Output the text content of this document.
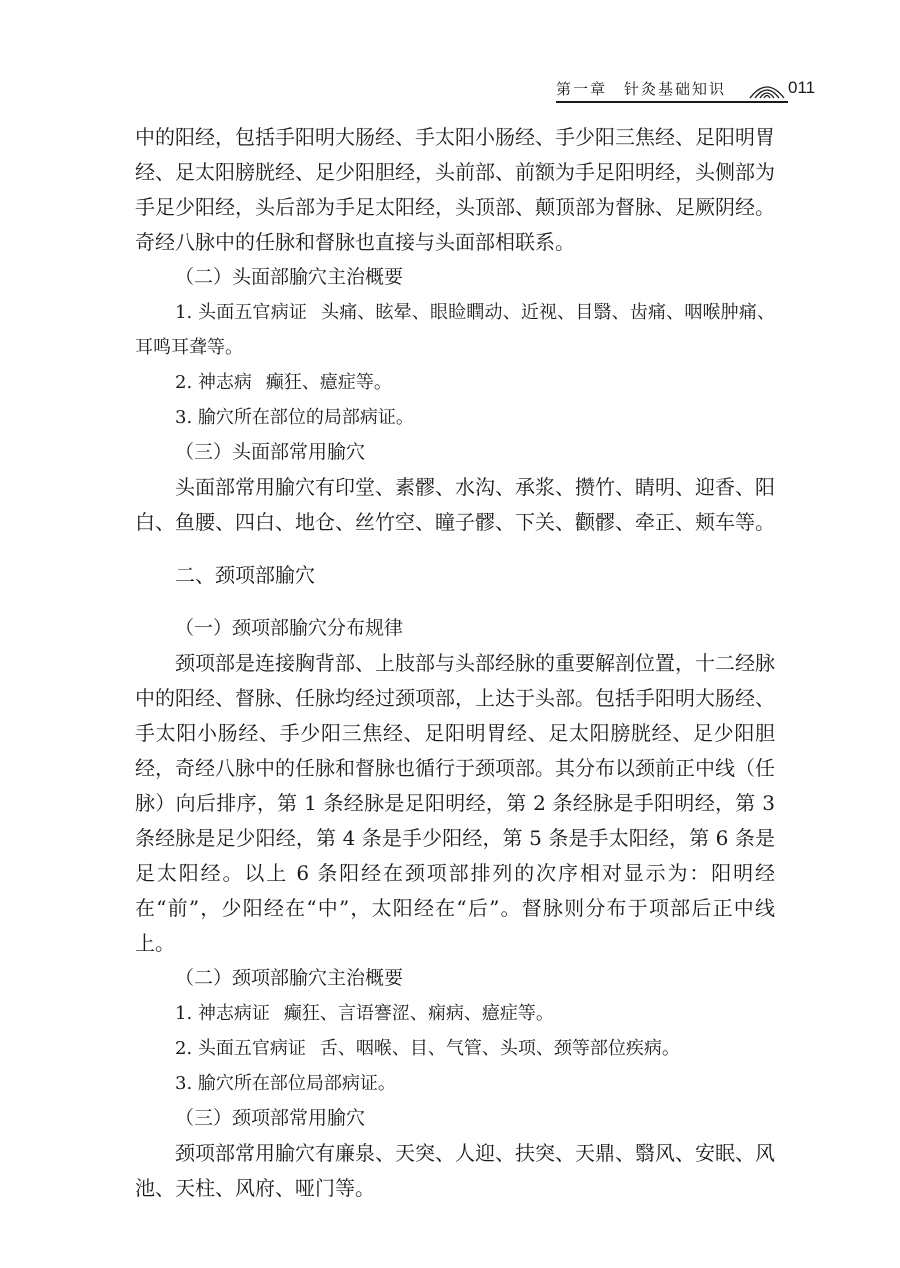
第一章　针灸基础知识	011

中的阳经，包括手阳明大肠经、手太阳小肠经、手少阳三焦经、足阳明胃经、足太阳膀胱经、足少阳胆经，头前部、前额为手足阳明经，头侧部为手足少阳经，头后部为手足太阳经，头顶部、颠顶部为督脉、足厥阴经。奇经八脉中的任脉和督脉也直接与头面部相联系。

（二）头面部腧穴主治概要

1. 头面五官病证 头痛、眩晕、眼睑瞤动、近视、目翳、齿痛、咽喉肿痛、耳鸣耳聋等。

2. 神志病 癫狂、癔症等。

3. 腧穴所在部位的局部病证。

（三）头面部常用腧穴

头面部常用腧穴有印堂、素髎、水沟、承浆、攒竹、睛明、迎香、阳白、鱼腰、四白、地仓、丝竹空、瞳子髎、下关、颧髎、牵正、颊车等。

二、颈项部腧穴

（一）颈项部腧穴分布规律

颈项部是连接胸背部、上肢部与头部经脉的重要解剖位置，十二经脉中的阳经、督脉、任脉均经过颈项部，上达于头部。包括手阳明大肠经、手太阳小肠经、手少阳三焦经、足阳明胃经、足太阳膀胱经、足少阳胆经，奇经八脉中的任脉和督脉也循行于颈项部。其分布以颈前正中线（任脉）向后排序，第 1 条经脉是足阳明经，第 2 条经脉是手阳明经，第 3 条经脉是足少阳经，第 4 条是手少阳经，第 5 条是手太阳经，第 6 条是足太阳经。以上 6 条阳经在颈项部排列的次序相对显示为：阳明经在“前”，少阳经在“中”，太阳经在“后”。督脉则分布于项部后正中线上。

（二）颈项部腧穴主治概要

1. 神志病证 癫狂、言语謇涩、痫病、癔症等。

2. 头面五官病证 舌、咽喉、目、气管、头项、颈等部位疾病。

3. 腧穴所在部位局部病证。

（三）颈项部常用腧穴

颈项部常用腧穴有廉泉、天突、人迎、扶突、天鼎、翳风、安眠、风池、天柱、风府、哑门等。
